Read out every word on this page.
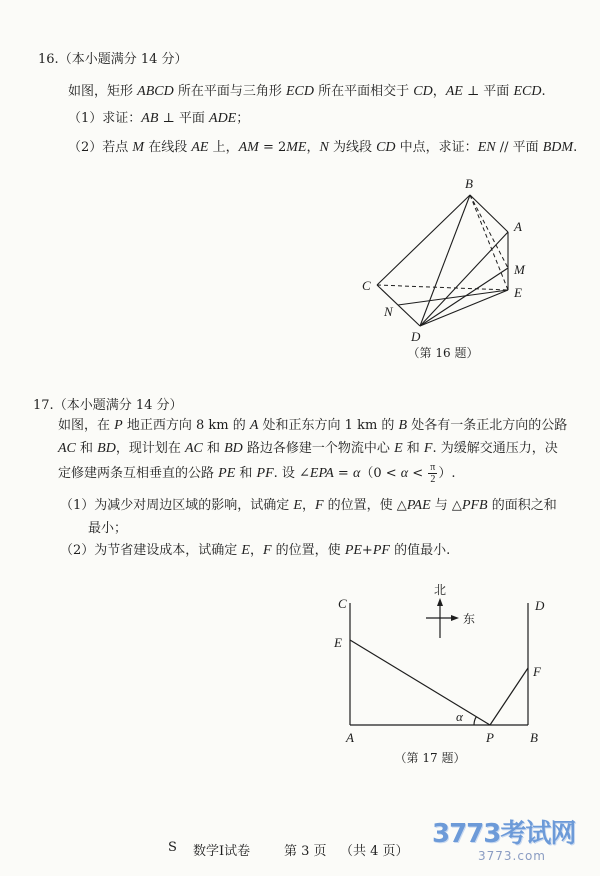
16.（本小题满分 14 分）
如图，矩形 ABCD 所在平面与三角形 ECD 所在平面相交于 CD，AE ⊥ 平面 ECD.
（1）求证：AB ⊥ 平面 ADE；
（2）若点 M 在线段 AE 上，AM = 2ME，N 为线段 CD 中点，求证：EN // 平面 BDM.
B
A
M
E
C
N
D
（第 16 题）
17.（本小题满分 14 分）
如图，在 P 地正西方向 8 km 的 A 处和正东方向 1 km 的 B 处各有一条正北方向的公路
AC 和 BD，现计划在 AC 和 BD 路边各修建一个物流中心 E 和 F. 为缓解交通压力，决
定修建两条互相垂直的公路 PE 和 PF. 设 ∠EPA = $\alpha(0 < \alpha < \frac{\pi}{2}$ ）.
（1）为减少对周边区域的影响，试确定 E，F 的位置，使 △PAE 与 △PFB 的面积之和
最小；
（2）为节省建设成本，试确定 E，F 的位置，使 PE+PF 的值最小.
北
东
C	D
E
F
A	P	B
α
（第 17 题）
S 数学Ⅰ试卷	第 3 页 （共 4 页）
3773考试网
3773.com
